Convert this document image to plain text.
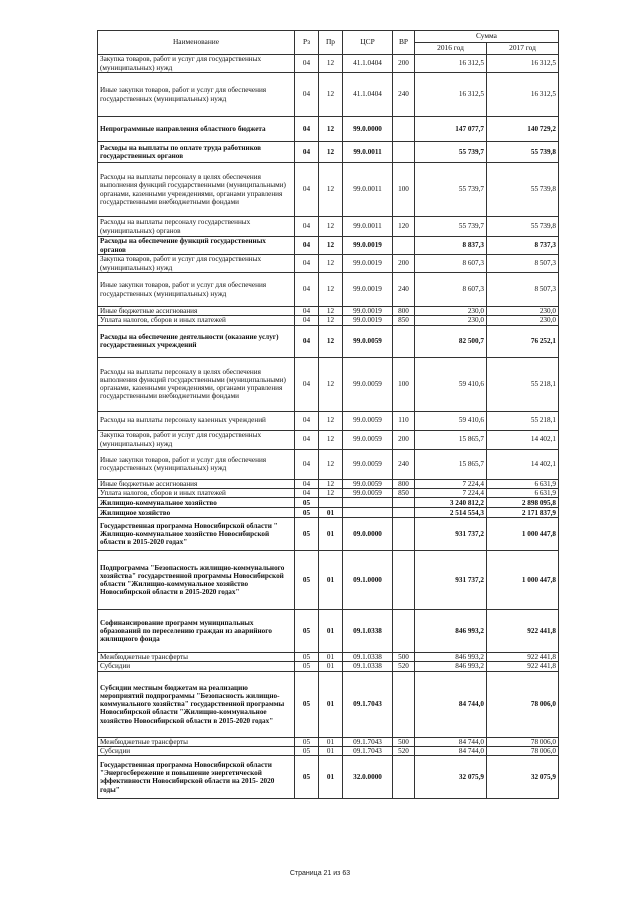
Наименование	Рз	Пр	ЦСР	ВР	Сумма	
					2016 год	2017 год
Закупка товаров, работ и услуг для государственных (муниципальных) нужд	04	12	41.1.0404	200	16 312,5	16 312,5
Иные закупки товаров, работ и услуг для обеспечения государственных (муниципальных) нужд	04	12	41.1.0404	240	16 312,5	16 312,5
Непрограммные направления областного бюджета	04	12	99.0.0000		147 077,7	140 729,2
Расходы на выплаты по оплате труда работников государственных органов	04	12	99.0.0011		55 739,7	55 739,8
Расходы на выплаты персоналу в целях обеспечения выполнения функций государственными (муниципальными) органами, казенными учреждениями, органами управления государственными внебюджетными фондами	04	12	99.0.0011	100	55 739,7	55 739,8
Расходы на выплаты персоналу государственных (муниципальных) органов	04	12	99.0.0011	120	55 739,7	55 739,8
Расходы на обеспечение функций государственных органов	04	12	99.0.0019		8 837,3	8 737,3
Закупка товаров, работ и услуг для государственных (муниципальных) нужд	04	12	99.0.0019	200	8 607,3	8 507,3
Иные закупки товаров, работ и услуг для обеспечения государственных (муниципальных) нужд	04	12	99.0.0019	240	8 607,3	8 507,3
Иные бюджетные ассигнования	04	12	99.0.0019	800	230,0	230,0
Уплата налогов, сборов и иных платежей	04	12	99.0.0019	850	230,0	230,0
Расходы на обеспечение деятельности (оказание услуг) государственных учреждений	04	12	99.0.0059		82 500,7	76 252,1
Расходы на выплаты персоналу в целях обеспечения выполнения функций государственными (муниципальными) органами, казенными учреждениями, органами управления государственными внебюджетными фондами	04	12	99.0.0059	100	59 410,6	55 218,1
Расходы на выплаты персоналу казенных учреждений	04	12	99.0.0059	110	59 410,6	55 218,1
Закупка товаров, работ и услуг для государственных (муниципальных) нужд	04	12	99.0.0059	200	15 865,7	14 402,1
Иные закупки товаров, работ и услуг для обеспечения государственных (муниципальных) нужд	04	12	99.0.0059	240	15 865,7	14 402,1
Иные бюджетные ассигнования	04	12	99.0.0059	800	7 224,4	6 631,9
Уплата налогов, сборов и иных платежей	04	12	99.0.0059	850	7 224,4	6 631,9
Жилищно-коммунальное хозяйство	05				3 240 812,2	2 898 095,8
Жилищное хозяйство	05	01			2 514 554,3	2 171 837,9
Государственная программа Новосибирской области " Жилищно-коммунальное хозяйство Новосибирской области в 2015-2020 годах"	05	01	09.0.0000		931 737,2	1 000 447,8
Подпрограмма "Безопасность жилищно-коммунального хозяйства" государственной программы Новосибирской области "Жилищно-коммунальное хозяйство Новосибирской области в 2015-2020 годах"	05	01	09.1.0000		931 737,2	1 000 447,8
Софинансирование программ муниципальных образований по переселению граждан из аварийного жилищного фонда	05	01	09.1.0338		846 993,2	922 441,8
Межбюджетные трансферты	05	01	09.1.0338	500	846 993,2	922 441,8
Субсидии	05	01	09.1.0338	520	846 993,2	922 441,8
Субсидии местным бюджетам на реализацию мероприятий подпрограммы "Безопасность жилищно-коммунального хозяйства" государственной программы Новосибирской области "Жилищно-коммунальное хозяйство Новосибирской области в 2015-2020 годах"	05	01	09.1.7043		84 744,0	78 006,0
Межбюджетные трансферты	05	01	09.1.7043	500	84 744,0	78 006,0
Субсидии	05	01	09.1.7043	520	84 744,0	78 006,0
Государственная программа Новосибирской области "Энергосбережение и повышение энергетической эффективности Новосибирской области на 2015- 2020 годы"	05	01	32.0.0000		32 075,9	32 075,9
Страница 21 из 63
